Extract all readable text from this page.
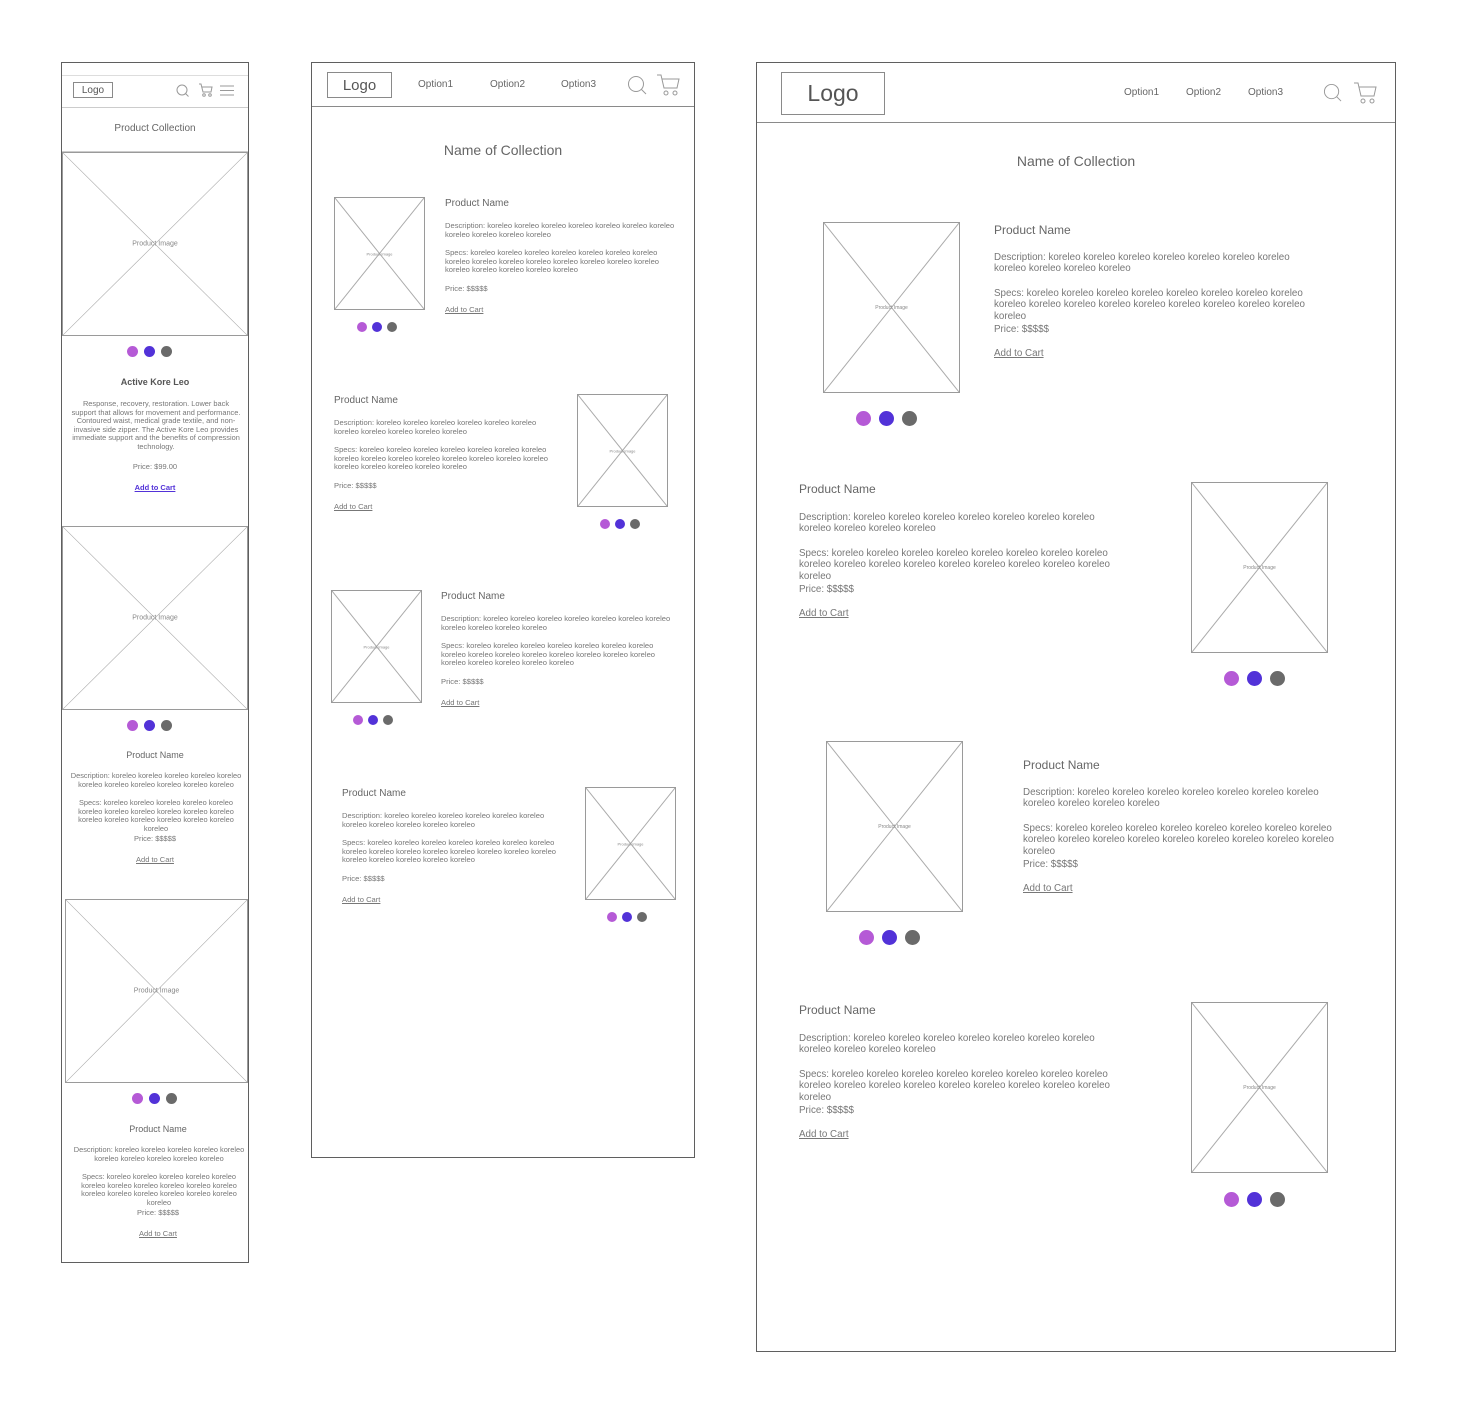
Logo
Product Collection
Product Image
Active Kore Leo
Response, recovery, restoration. Lower back support that allows for movement and performance. Contoured waist, medical grade textile, and non- invasive side zipper. The Active Kore Leo provides immediate support and the benefits of compression technology.
Price: $99.00
Add to Cart
Product Image
Product Name
Description: koreleo koreleo koreleo koreleo koreleo koreleo koreleo koreleo koreleo koreleo koreleo
Specs: koreleo koreleo koreleo koreleo koreleo koreleo koreleo koreleo koreleo koreleo koreleo koreleo koreleo koreleo koreleo koreleo koreleo koreleo
Price: $$$$$
Add to Cart
Product Image
Product Name
Description: koreleo koreleo koreleo koreleo koreleo koreleo koreleo koreleo koreleo koreleo
Specs: koreleo koreleo koreleo koreleo koreleo koreleo koreleo koreleo koreleo koreleo koreleo koreleo koreleo koreleo koreleo koreleo koreleo koreleo
Price: $$$$$
Add to Cart
Logo	Option1	Option2	Option3
Name of Collection
Product Image
Product Name
Description: koreleo koreleo koreleo koreleo koreleo koreleo koreleo koreleo koreleo koreleo koreleo
Specs: koreleo koreleo koreleo koreleo koreleo koreleo koreleo koreleo koreleo koreleo koreleo koreleo koreleo koreleo koreleo koreleo koreleo koreleo koreleo koreleo
Price: $$$$$
Add to Cart
Product Name
Description: koreleo koreleo koreleo koreleo koreleo koreleo koreleo koreleo koreleo koreleo koreleo
Specs: koreleo koreleo koreleo koreleo koreleo koreleo koreleo koreleo koreleo koreleo koreleo koreleo koreleo koreleo koreleo koreleo koreleo koreleo koreleo koreleo
Price: $$$$$
Add to Cart
Product Image
Product Image
Product Name
Description: koreleo koreleo koreleo koreleo koreleo koreleo koreleo koreleo koreleo koreleo koreleo
Specs: koreleo koreleo koreleo koreleo koreleo koreleo koreleo koreleo koreleo koreleo koreleo koreleo koreleo koreleo koreleo koreleo koreleo koreleo koreleo koreleo
Price: $$$$$
Add to Cart
Product Name
Description: koreleo koreleo koreleo koreleo koreleo koreleo koreleo koreleo koreleo koreleo koreleo
Specs: koreleo koreleo koreleo koreleo koreleo koreleo koreleo koreleo koreleo koreleo koreleo koreleo koreleo koreleo koreleo koreleo koreleo koreleo koreleo koreleo
Price: $$$$$
Add to Cart
Product Image
Logo	Option1	Option2	Option3
Name of Collection
Product Image
Product Name
Description: koreleo koreleo koreleo koreleo koreleo koreleo koreleo koreleo koreleo koreleo koreleo
Specs: koreleo koreleo koreleo koreleo koreleo koreleo koreleo koreleo koreleo koreleo koreleo koreleo koreleo koreleo koreleo koreleo koreleo koreleo
Price: $$$$$
Add to Cart
Product Name
Description: koreleo koreleo koreleo koreleo koreleo koreleo koreleo koreleo koreleo koreleo koreleo
Specs: koreleo koreleo koreleo koreleo koreleo koreleo koreleo koreleo koreleo koreleo koreleo koreleo koreleo koreleo koreleo koreleo koreleo koreleo
Price: $$$$$
Add to Cart
Product Image
Product Image
Product Name
Description: koreleo koreleo koreleo koreleo koreleo koreleo koreleo koreleo koreleo koreleo koreleo
Specs: koreleo koreleo koreleo koreleo koreleo koreleo koreleo koreleo koreleo koreleo koreleo koreleo koreleo koreleo koreleo koreleo koreleo koreleo
Price: $$$$$
Add to Cart
Product Name
Description: koreleo koreleo koreleo koreleo koreleo koreleo koreleo koreleo koreleo koreleo koreleo
Specs: koreleo koreleo koreleo koreleo koreleo koreleo koreleo koreleo koreleo koreleo koreleo koreleo koreleo koreleo koreleo koreleo koreleo koreleo
Price: $$$$$
Add to Cart
Product Image
